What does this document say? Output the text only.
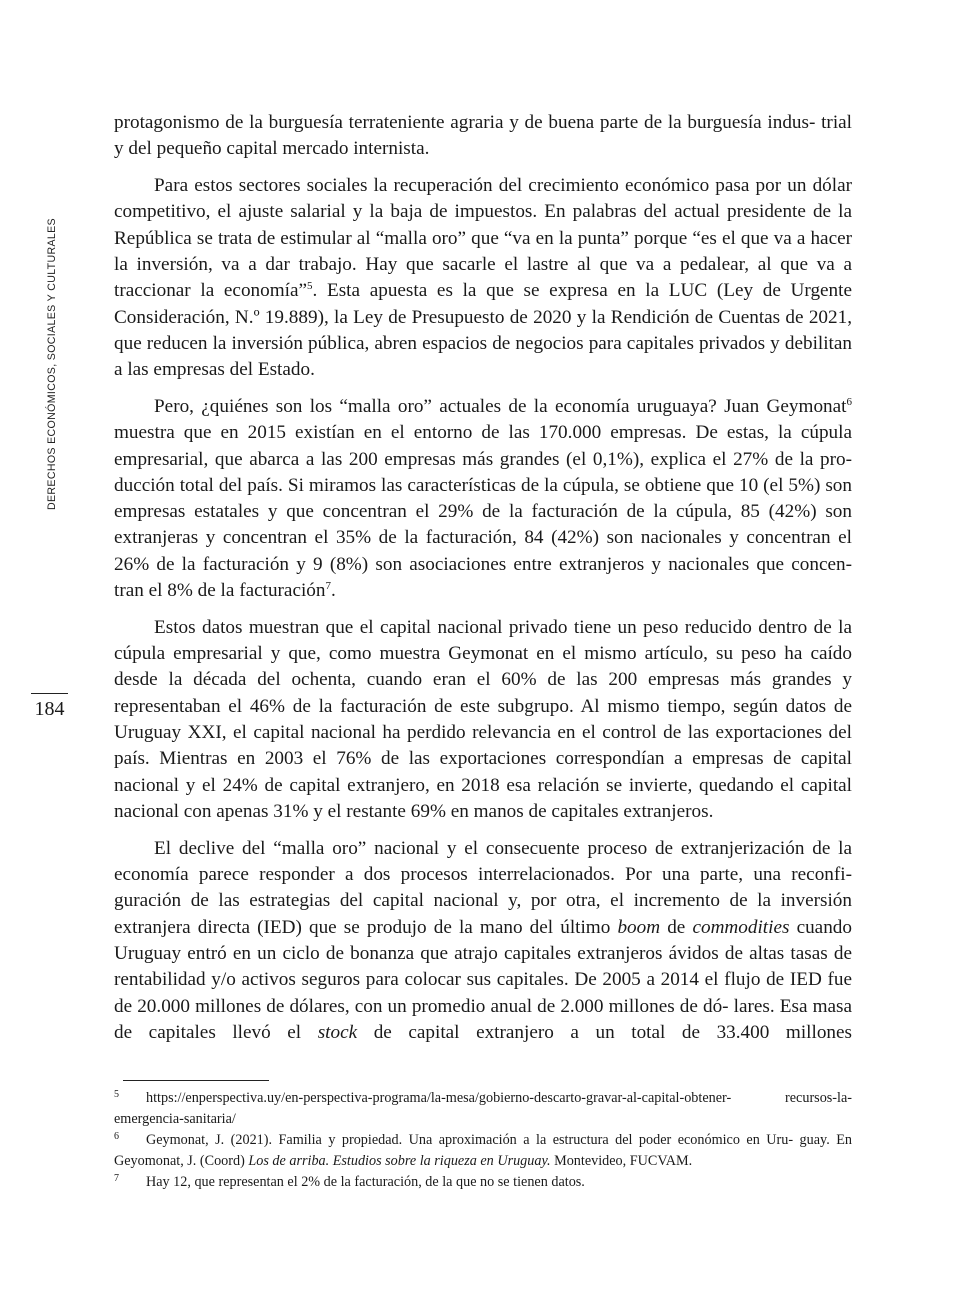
DERECHOS ECONÓMICOS, SOCIALES Y CULTURALES
184

protagonismo de la burguesía terrateniente agraria y de buena parte de la burguesía indus- trial y del pequeño capital mercado internista.

Para estos sectores sociales la recuperación del crecimiento económico pasa por un dólar competitivo, el ajuste salarial y la baja de impuestos. En palabras del actual presidente de la República se trata de estimular al “malla oro” que “va en la punta” porque “es el que va a hacer la inversión, va a dar trabajo. Hay que sacarle el lastre al que va a pedalear, al que va a traccionar la economía”$^5$. Esta apuesta es la que se expresa en la LUC (Ley de Urgente Consideración, N.º 19.889), la Ley de Presupuesto de 2020 y la Rendición de Cuentas de 2021, que reducen la inversión pública, abren espacios de negocios para capitales privados y debilitan a las empresas del Estado.

Pero, ¿quiénes son los “malla oro” actuales de la economía uruguaya? Juan Geymonat$^6$ muestra que en 2015 existían en el entorno de las 170.000 empresas. De estas, la cúpula empresarial, que abarca a las 200 empresas más grandes (el 0,1%), explica el 27% de la pro- ducción total del país. Si miramos las características de la cúpula, se obtiene que 10 (el 5%) son empresas estatales y que concentran el 29% de la facturación de la cúpula, 85 (42%) son extranjeras y concentran el 35% de la facturación, 84 (42%) son nacionales y concentran el 26% de la facturación y 9 (8%) son asociaciones entre extranjeros y nacionales que concen- tran el 8% de la facturación$^7$.

Estos datos muestran que el capital nacional privado tiene un peso reducido dentro de la cúpula empresarial y que, como muestra Geymonat en el mismo artículo, su peso ha caído desde la década del ochenta, cuando eran el 60% de las 200 empresas más grandes y representaban el 46% de la facturación de este subgrupo. Al mismo tiempo, según datos de Uruguay XXI, el capital nacional ha perdido relevancia en el control de las exportaciones del país. Mientras en 2003 el 76% de las exportaciones correspondían a empresas de capital nacional y el 24% de capital extranjero, en 2018 esa relación se invierte, quedando el capital nacional con apenas 31% y el restante 69% en manos de capitales extranjeros.

El declive del “malla oro” nacional y el consecuente proceso de extranjerización de la economía parece responder a dos procesos interrelacionados. Por una parte, una reconfi- guración de las estrategias del capital nacional y, por otra, el incremento de la inversión extranjera directa (IED) que se produjo de la mano del último boom de commodities cuando Uruguay entró en un ciclo de bonanza que atrajo capitales extranjeros ávidos de altas tasas de rentabilidad y/o activos seguros para colocar sus capitales. De 2005 a 2014 el flujo de IED fue de 20.000 millones de dólares, con un promedio anual de 2.000 millones de dó- lares. Esa masa de capitales llevó el stock de capital extranjero a un total de 33.400 millones

5 https://enperspectiva.uy/en-perspectiva-programa/la-mesa/gobierno-descarto-gravar-al-capital-obtener- recursos-la-emergencia-sanitaria/

6 Geymonat, J. (2021). Familia y propiedad. Una aproximación a la estructura del poder económico en Uru- guay. En Geyomonat, J. (Coord) Los de arriba. Estudios sobre la riqueza en Uruguay. Montevideo, FUCVAM.

7 Hay 12, que representan el 2% de la facturación, de la que no se tienen datos.
